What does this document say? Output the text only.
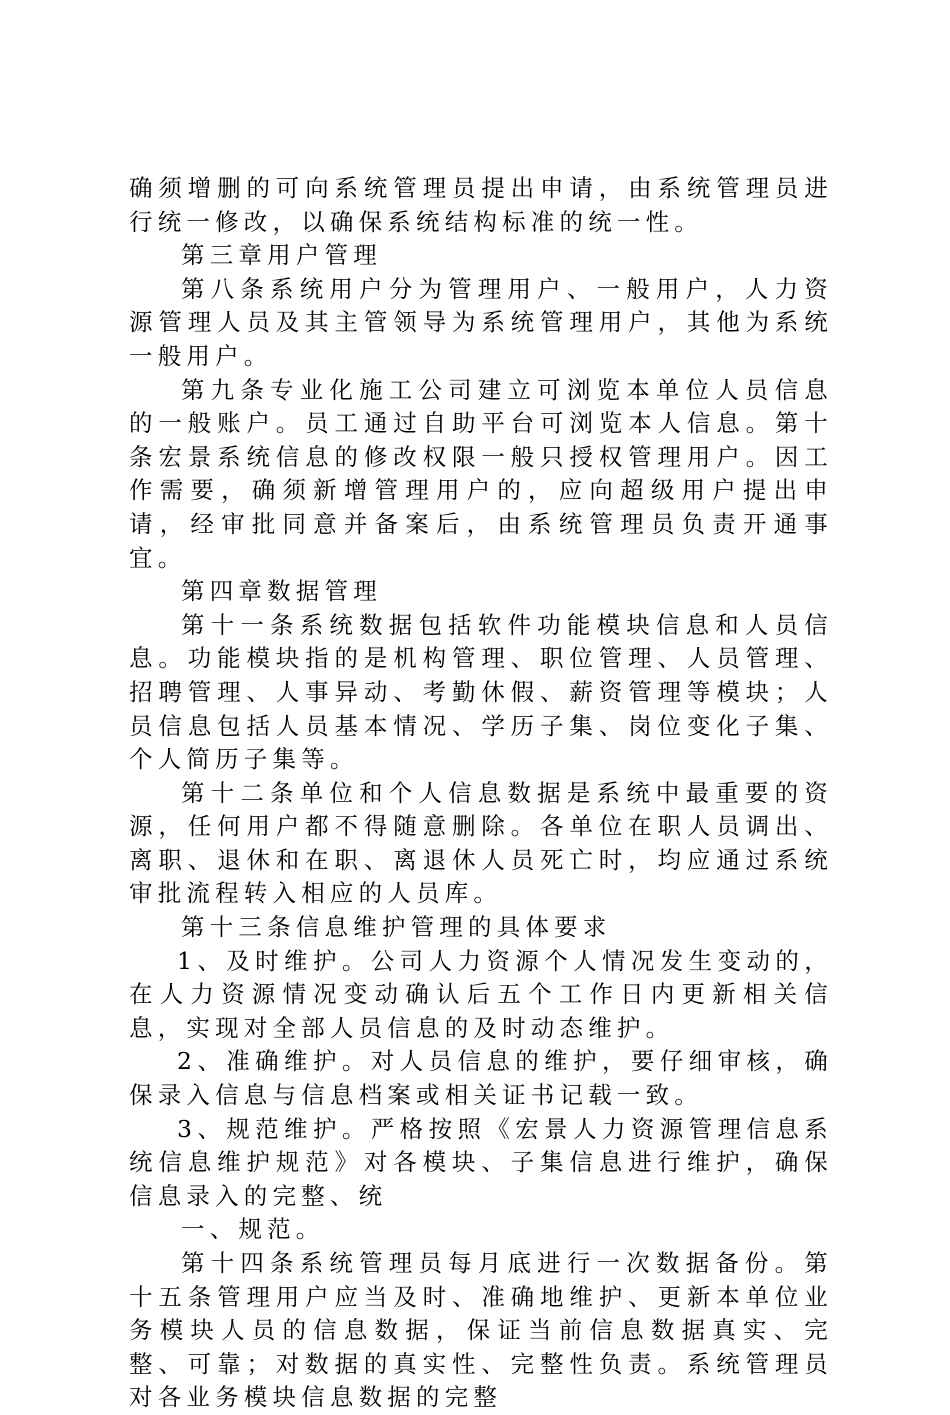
确须增删的可向系统管理员提出申请，由系统管理员进行统一修改，以确保系统结构标准的统一性。

第三章用户管理

第八条系统用户分为管理用户、一般用户，人力资源管理人员及其主管领导为系统管理用户，其他为系统一般用户。

第九条专业化施工公司建立可浏览本单位人员信息的一般账户。员工通过自助平台可浏览本人信息。第十条宏景系统信息的修改权限一般只授权管理用户。因工作需要，确须新增管理用户的，应向超级用户提出申请，经审批同意并备案后，由系统管理员负责开通事宜。

第四章数据管理

第十一条系统数据包括软件功能模块信息和人员信息。功能模块指的是机构管理、职位管理、人员管理、招聘管理、人事异动、考勤休假、薪资管理等模块；人员信息包括人员基本情况、学历子集、岗位变化子集、个人简历子集等。

第十二条单位和个人信息数据是系统中最重要的资源，任何用户都不得随意删除。各单位在职人员调出、离职、退休和在职、离退休人员死亡时，均应通过系统审批流程转入相应的人员库。

第十三条信息维护管理的具体要求

1、及时维护。公司人力资源个人情况发生变动的，在人力资源情况变动确认后五个工作日内更新相关信息，实现对全部人员信息的及时动态维护。

2、准确维护。对人员信息的维护，要仔细审核，确保录入信息与信息档案或相关证书记载一致。

3、规范维护。严格按照《宏景人力资源管理信息系统信息维护规范》对各模块、子集信息进行维护，确保信息录入的完整、统

一、规范。

第十四条系统管理员每月底进行一次数据备份。第十五条管理用户应当及时、准确地维护、更新本单位业务模块人员的信息数据，保证当前信息数据真实、完整、可靠；对数据的真实性、完整性负责。系统管理员对各业务模块信息数据的完整
